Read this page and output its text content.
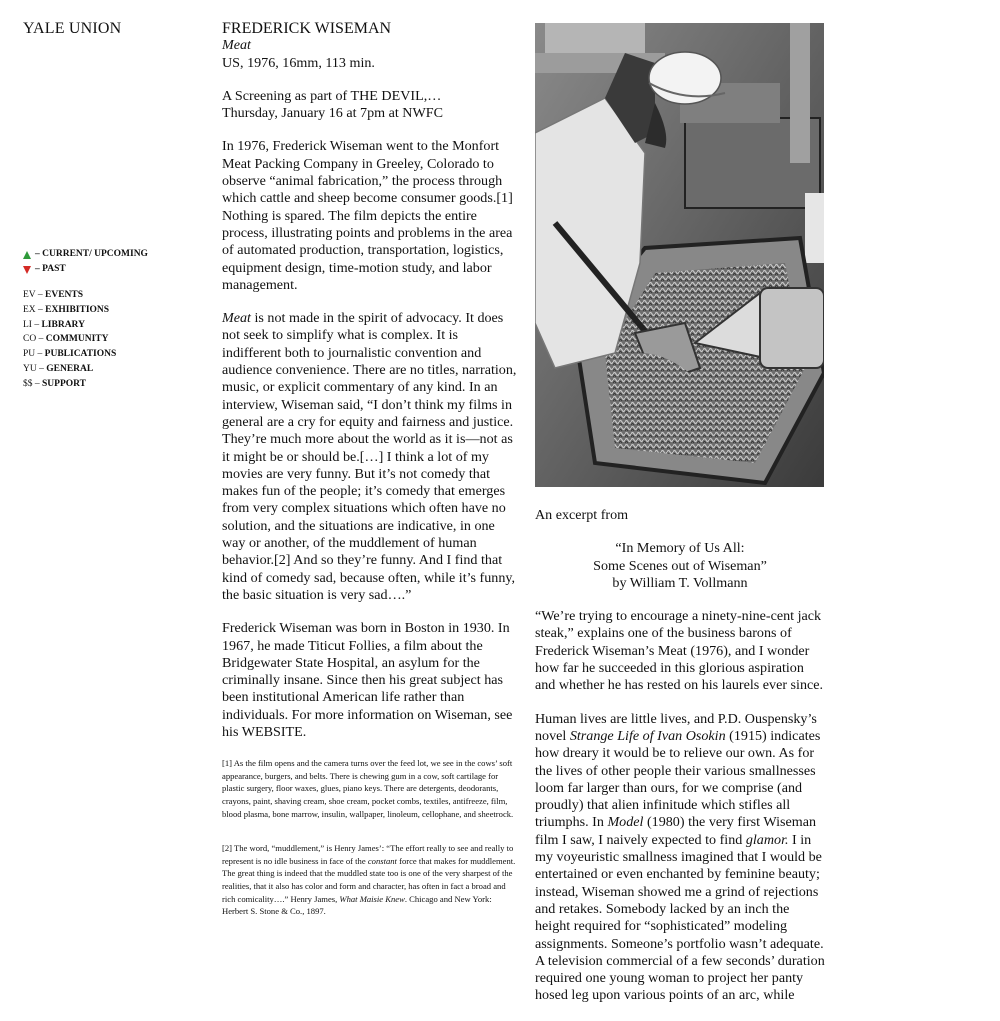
YALE UNION
– CURRENT/ UPCOMING
– PAST
EV – EVENTS
EX – EXHIBITIONS
LI – LIBRARY
CO – COMMUNITY
PU – PUBLICATIONS
YU – GENERAL
$$ – SUPPORT
FREDERICK WISEMAN
Meat
US, 1976, 16mm, 113 min.
A Screening as part of THE DEVIL,…
Thursday, January 16 at 7pm at NWFC

In 1976, Frederick Wiseman went to the Monfort Meat Packing Company in Greeley, Colorado to observe “animal fabrication,” the process through which cattle and sheep become consumer goods.[1] Nothing is spared. The film depicts the entire process, illustrating points and problems in the area of automated production, transportation, logistics, equipment design, time-motion study, and labor management.

Meat is not made in the spirit of advocacy. It does not seek to simplify what is complex. It is indifferent both to journalistic convention and audience convenience. There are no titles, narration, music, or explicit commentary of any kind. In an interview, Wiseman said, “I don’t think my films in general are a cry for equity and fairness and justice. They’re much more about the world as it is—not as it might be or should be.[…] I think a lot of my movies are very funny. But it’s not comedy that makes fun of the people; it’s comedy that emerges from very complex situations which often have no solution, and the situations are indicative, in one way or another, of the muddlement of human behavior.[2] And so they’re funny. And I find that kind of comedy sad, because often, while it’s funny, the basic situation is very sad….”

Frederick Wiseman was born in Boston in 1930. In 1967, he made Titicut Follies, a film about the Bridgewater State Hospital, an asylum for the criminally insane. Since then his great subject has been institutional American life rather than individuals. For more information on Wiseman, see his WEBSITE.

[1] As the film opens and the camera turns over the feed lot, we see in the cows’ soft appearance, burgers, and belts. There is chewing gum in a cow, soft cartilage for plastic surgery, floor waxes, glues, piano keys. There are detergents, deodorants, crayons, paint, shaving cream, shoe cream, pocket combs, textiles, antifreeze, film, blood plasma, bone marrow, insulin, wallpaper, linoleum, cellophane, and sheetrock.

[2] The word, “muddlement,” is Henry James’: “The effort really to see and really to represent is no idle business in face of the constant force that makes for muddlement. The great thing is indeed that the muddled state too is one of the very sharpest of the realities, that it also has color and form and character, has often in fact a broad and rich comicality….” Henry James, What Maisie Knew. Chicago and New York: Herbert S. Stone & Co., 1897.

An excerpt from

“In Memory of Us All:
Some Scenes out of Wiseman”
by William T. Vollmann

“We’re trying to encourage a ninety-nine-cent jack steak,” explains one of the business barons of Frederick Wiseman’s Meat (1976), and I wonder how far he succeeded in this glorious aspiration and whether he has rested on his laurels ever since.

Human lives are little lives, and P.D. Ouspensky’s novel Strange Life of Ivan Osokin (1915) indicates how dreary it would be to relieve our own. As for the lives of other people their various smallnesses loom far larger than ours, for we comprise (and proudly) that alien infinitude which stifles all triumphs. In Model (1980) the very first Wiseman film I saw, I naively expected to find glamor. I in my voyeuristic smallness imagined that I would be entertained or even enchanted by feminine beauty; instead, Wiseman showed me a grind of rejections and retakes. Somebody lacked by an inch the height required for “sophisticated” modeling assignments. Someone’s portfolio wasn’t adequate. A television commercial of a few seconds’ duration required one young woman to project her panty hosed leg upon various points of an arc, while
